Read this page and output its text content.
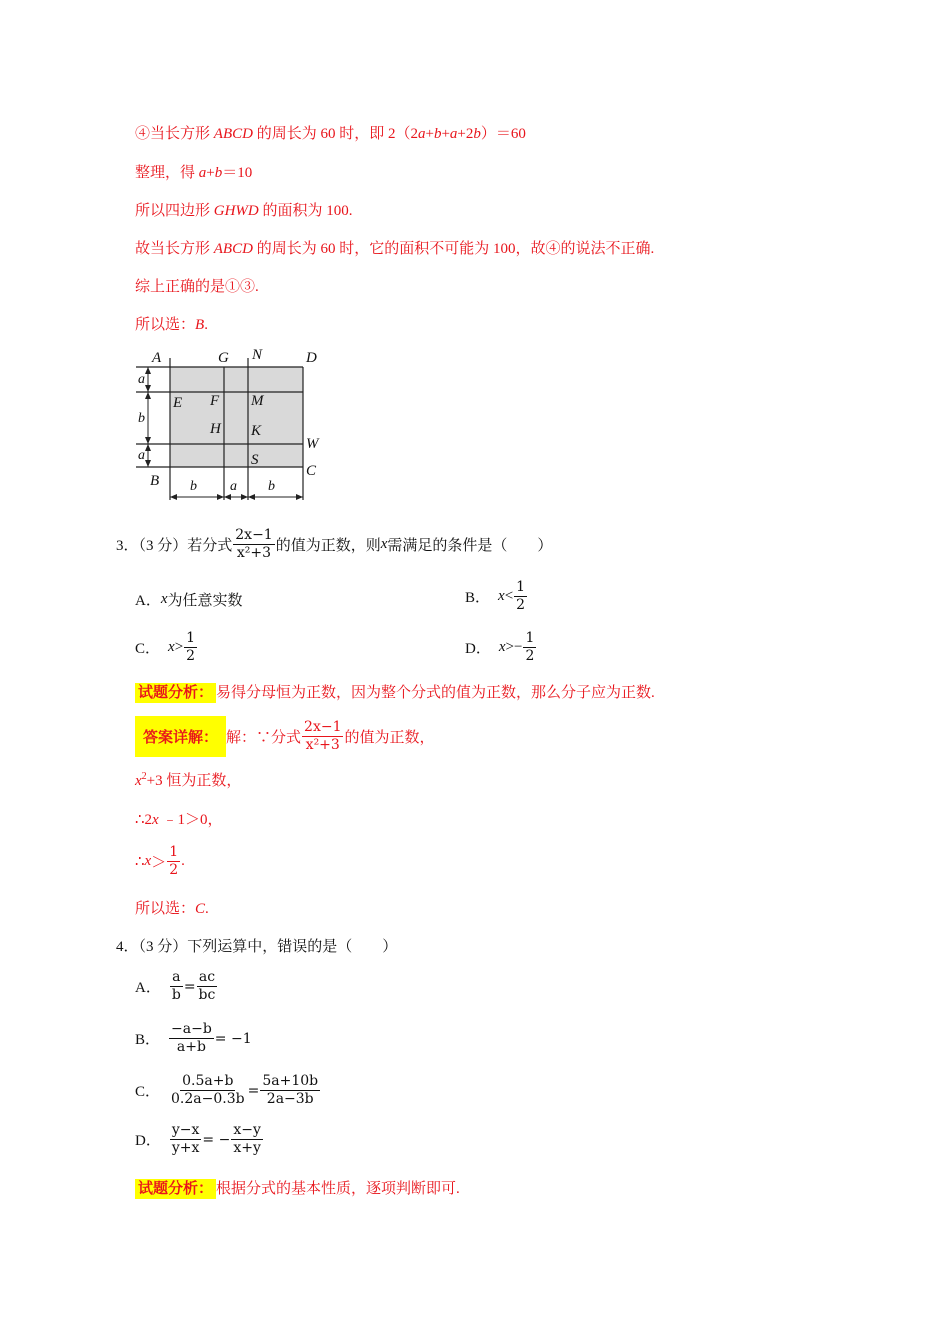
④当长方形 ABCD 的周长为 60 时，即 2（2a+b+a+2b）＝60
整理，得 a+b＝10
所以四边形 GHWD 的面积为 100.
故当长方形 ABCD 的周长为 60 时，它的面积不可能为 100，故④的说法不正确.
综上正确的是①③.
所以选：B.
A	G N	D
E F M
H K
W
S
B
C
a
b
a
b a b
3．（3 分）若分式 $\frac{2x-1}{\text{x²+3}}$ 的值为正数，则 x 需满足的条件是（　　）
A． x 为任意实数	B． $x < \frac{1}{2}$
C． $x > \frac{1}{2}$	D． $x >- \frac{1}{2}$
试题分析： 易得分母恒为正数，因为整个分式的值为正数，那么分子应为正数.
答案详解： 解：∵分式 $\frac{2x-1}{\text{x²+3}}$ 的值为正数，
$x^2+3$ 恒为正数，
∴2x ﹣1＞0，
∴ $x > \frac{1}{2}$ .
所以选：C.
4．（3 分）下列运算中，错误的是（　　）
A． $\frac{a}{b} = \frac{ac}{bc}$
B． $\frac{-a-b}{a+b} = -1$
C． $\frac{0.5a+b}{0.2a-0.3b} = \frac{5a+10b}{2a-3b}$
D． $\frac{y-x}{y+x}$ = − $\frac{x-y}{x+y}$
试题分析： 根据分式的基本性质，逐项判断即可.
